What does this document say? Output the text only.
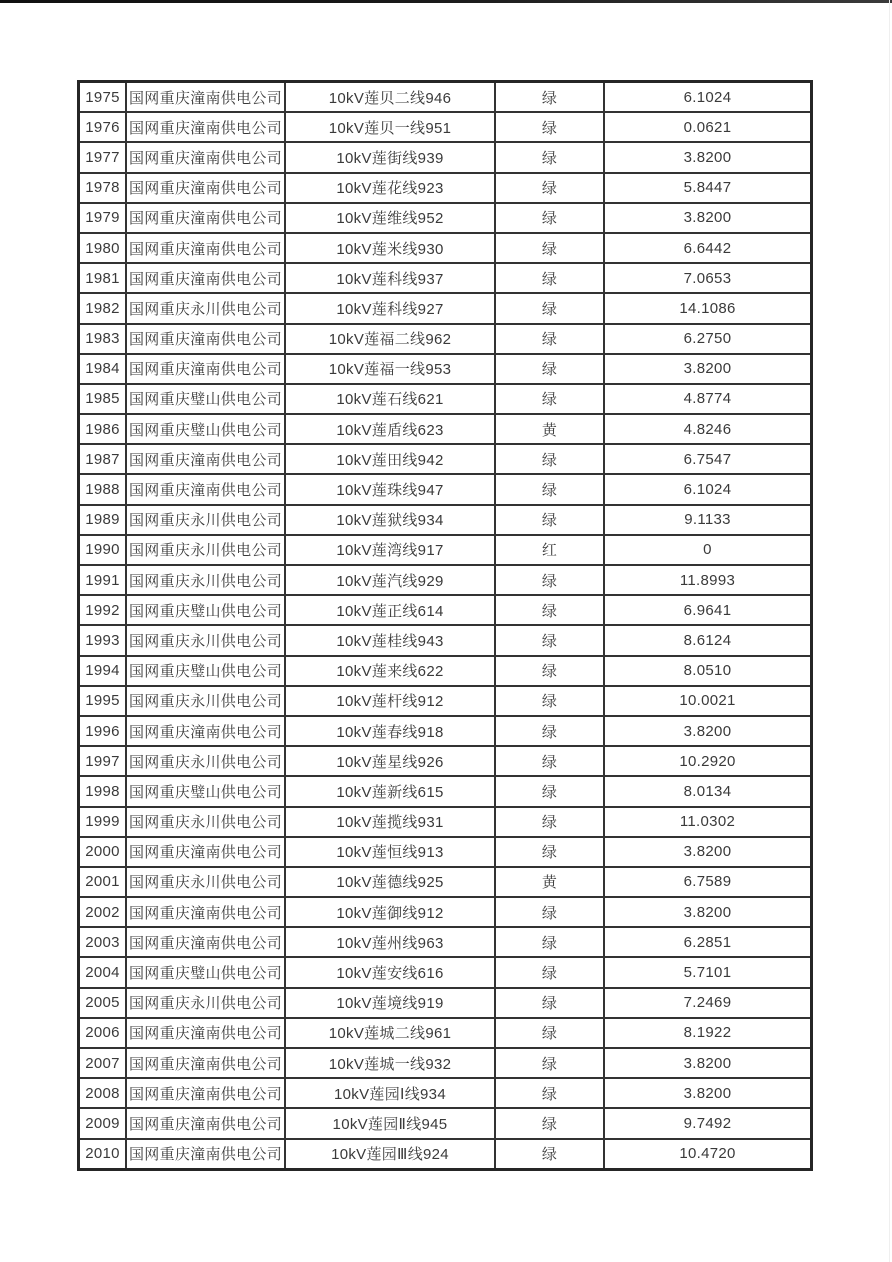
1975	国网重庆潼南供电公司	10kV莲贝二线946	绿	6.1024
1976	国网重庆潼南供电公司	10kV莲贝一线951	绿	0.0621
1977	国网重庆潼南供电公司	10kV莲街线939	绿	3.8200
1978	国网重庆潼南供电公司	10kV莲花线923	绿	5.8447
1979	国网重庆潼南供电公司	10kV莲维线952	绿	3.8200
1980	国网重庆潼南供电公司	10kV莲米线930	绿	6.6442
1981	国网重庆潼南供电公司	10kV莲科线937	绿	7.0653
1982	国网重庆永川供电公司	10kV莲科线927	绿	14.1086
1983	国网重庆潼南供电公司	10kV莲福二线962	绿	6.2750
1984	国网重庆潼南供电公司	10kV莲福一线953	绿	3.8200
1985	国网重庆璧山供电公司	10kV莲石线621	绿	4.8774
1986	国网重庆璧山供电公司	10kV莲盾线623	黄	4.8246
1987	国网重庆潼南供电公司	10kV莲田线942	绿	6.7547
1988	国网重庆潼南供电公司	10kV莲珠线947	绿	6.1024
1989	国网重庆永川供电公司	10kV莲狱线934	绿	9.1133
1990	国网重庆永川供电公司	10kV莲湾线917	红	0
1991	国网重庆永川供电公司	10kV莲汽线929	绿	11.8993
1992	国网重庆璧山供电公司	10kV莲正线614	绿	6.9641
1993	国网重庆永川供电公司	10kV莲桂线943	绿	8.6124
1994	国网重庆璧山供电公司	10kV莲来线622	绿	8.0510
1995	国网重庆永川供电公司	10kV莲杆线912	绿	10.0021
1996	国网重庆潼南供电公司	10kV莲春线918	绿	3.8200
1997	国网重庆永川供电公司	10kV莲星线926	绿	10.2920
1998	国网重庆璧山供电公司	10kV莲新线615	绿	8.0134
1999	国网重庆永川供电公司	10kV莲揽线931	绿	11.0302
2000	国网重庆潼南供电公司	10kV莲恒线913	绿	3.8200
2001	国网重庆永川供电公司	10kV莲德线925	黄	6.7589
2002	国网重庆潼南供电公司	10kV莲御线912	绿	3.8200
2003	国网重庆潼南供电公司	10kV莲州线963	绿	6.2851
2004	国网重庆璧山供电公司	10kV莲安线616	绿	5.7101
2005	国网重庆永川供电公司	10kV莲境线919	绿	7.2469
2006	国网重庆潼南供电公司	10kV莲城二线961	绿	8.1922
2007	国网重庆潼南供电公司	10kV莲城一线932	绿	3.8200
2008	国网重庆潼南供电公司	10kV莲园Ⅰ线934	绿	3.8200
2009	国网重庆潼南供电公司	10kV莲园Ⅱ线945	绿	9.7492
2010	国网重庆潼南供电公司	10kV莲园Ⅲ线924	绿	10.4720
